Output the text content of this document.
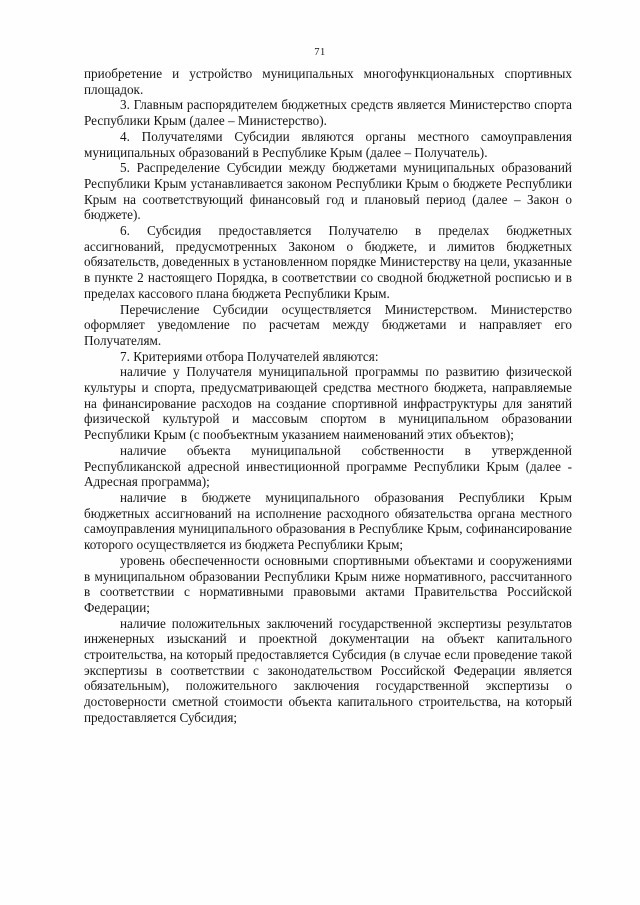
71

приобретение и устройство муниципальных многофункциональных спортивных площадок.

3. Главным распорядителем бюджетных средств является Министерство спорта Республики Крым (далее – Министерство).

4. Получателями Субсидии являются органы местного самоуправления муниципальных образований в Республике Крым (далее – Получатель).

5. Распределение Субсидии между бюджетами муниципальных образований Республики Крым устанавливается законом Республики Крым о бюджете Республики Крым на соответствующий финансовый год и плановый период (далее – Закон о бюджете).

6. Субсидия предоставляется Получателю в пределах бюджетных ассигнований, предусмотренных Законом о бюджете, и лимитов бюджетных обязательств, доведенных в установленном порядке Министерству на цели, указанные в пункте 2 настоящего Порядка, в соответствии со сводной бюджетной росписью и в пределах кассового плана бюджета Республики Крым.

Перечисление Субсидии осуществляется Министерством. Министерство оформляет уведомление по расчетам между бюджетами и направляет его Получателям.

7. Критериями отбора Получателей являются:

наличие у Получателя муниципальной программы по развитию физической культуры и спорта, предусматривающей средства местного бюджета, направляемые на финансирование расходов на создание спортивной инфраструктуры для занятий физической культурой и массовым спортом в муниципальном образовании Республики Крым (с пообъектным указанием наименований этих объектов);

наличие объекта муниципальной собственности в утвержденной Республиканской адресной инвестиционной программе Республики Крым (далее - Адресная программа);

наличие в бюджете муниципального образования Республики Крым бюджетных ассигнований на исполнение расходного обязательства органа местного самоуправления муниципального образования в Республике Крым, софинансирование которого осуществляется из бюджета Республики Крым;

уровень обеспеченности основными спортивными объектами и сооружениями в муниципальном образовании Республики Крым ниже нормативного, рассчитанного в соответствии с нормативными правовыми актами Правительства Российской Федерации;

наличие положительных заключений государственной экспертизы результатов инженерных изысканий и проектной документации на объект капитального строительства, на который предоставляется Субсидия (в случае если проведение такой экспертизы в соответствии с законодательством Российской Федерации является обязательным), положительного заключения государственной экспертизы о достоверности сметной стоимости объекта капитального строительства, на который предоставляется Субсидия;
